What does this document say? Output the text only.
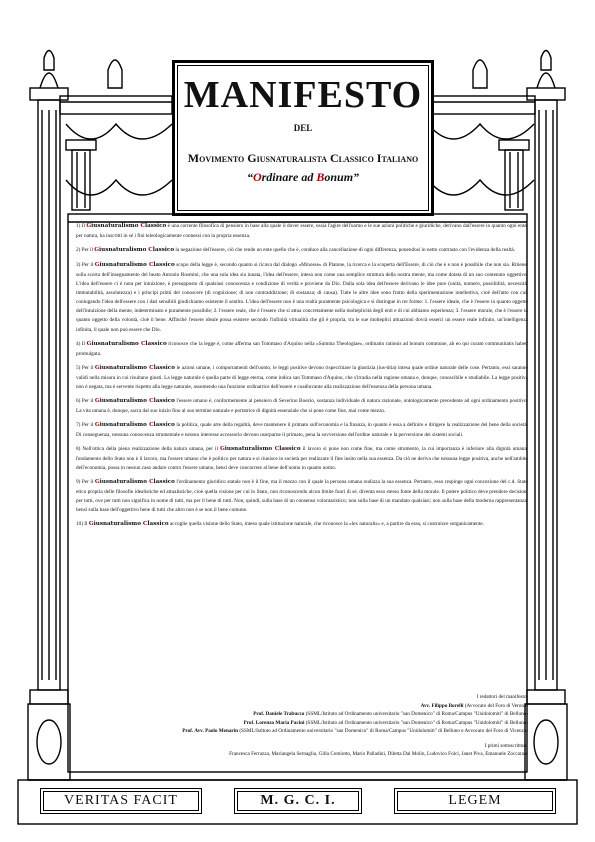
MANIFESTO
DEL
Movimento Giusnaturalista Classico Italiano
“Ordinare ad Bonum”

1) Il Giusnaturalismo Classico è una corrente filosofica di pensiero in base alla quale il dover essere, ossia l'agire dell'uomo e le sue azioni politiche e giuridiche, derivano dall'essere in quanto ogni ente, per natura, ha inscritti in sé i fini teleologicamente connessi con la propria essenza.

2) Per il Giusnaturalismo Classico la negazione dell'essere, ciò che rende un ente quello che è, conduce alla cancellazione di ogni differenza, ponendosi in netto contrasto con l'evidenza della realtà.

3) Per il Giusnaturalismo Classico scopo della legge è, secondo quanto si ricava dal dialogo «Minosse» di Platone, la ricerca e la scoperta dell'Essere, di ciò che è e non è possibile che non sia. Ritiene, sulla scorta dell'insegnamento del beato Antonio Rosmini, che una sola idea sia innata, l'idea dell'essere, intesa non come una semplice struttura della nostra mente, ma come dotata di un suo contenuto oggettivo. L'idea dell'essere ci è nota per intuizione, è presupposto di qualsiasi conoscenza e condizione di verità e proviene da Dio. Dalla sola idea dell'essere derivano le idee pure (unità, numero, possibilità, necessità, immutabilità, assolutezza) e i principi primi del conoscere (di cognizione; di non contraddizione; di sostanza; di causa). Tutte le altre idee sono frutto della sperimentazione intellettiva, cioè dell'atto con cui, coniugando l'idea dell'essere con i dati sensibili giudichiamo esistente il sentito. L'idea dell'essere non è una realtà puramente psicologica e si distingue in tre forme: 1. l'essere ideale, che è l'essere in quanto oggetto dell'intuizione della mente, indeterminato e puramente possibile; 2. l'essere reale, che è l'essere che si attua concretamente nella molteplicità degli enti e di cui abbiamo esperienza; 3. l'essere morale, che è l'essere in quanto oggetto della volontà, cioè il bene. Affinché l'essere ideale possa esistere secondo l'infinità virtualità che gli è propria, tra le sue molteplici attuazioni dovrà esserci un essere reale infinito, un'intelligenza infinita, il quale non può essere che Dio.

4) Il Giusnaturalismo Classico riconosce che la legge è, come afferma san Tommaso d'Aquino nella «Summa Theologiae», ordinatio rationis ad bonum commune, ab eo qui curam communitatis habet, promulgata.

5) Per il Giusnaturalismo Classico le azioni umane, i comportamenti dell'uomo, le leggi positive devono rispecchiare la giustizia (ius-titia) intesa quale ordine naturale delle cose. Pertanto, essi saranno validi nella misura in cui risultano giusti. La legge naturale è quella parte di legge eterna, come indica san Tommaso d'Aquino, che s'irradia nella ragione umana e, dunque, conoscibile e studiabile. La legge positiva non è negata, ma è servente rispetto alla legge naturale, assumendo una funzione ordinatrice dell'essere e coadiuvante alla realizzazione dell'essenza della persona umana.

6) Per il Giusnaturalismo Classico l'essere umano è, conformemente al pensiero di Severino Boezio, sostanza individuale di natura razionale, ontologicamente precedente ad ogni ordinamento positivo. La vita umana è, dunque, sacra dal suo inizio fino al suo termine naturale e portatrice di dignità essenziale che si pone come fine, mai come mezzo.

7) Per il Giusnaturalismo Classico la politica, quale arte della regalità, deve mantenere il primato sull'economia e la finanza, in quanto è essa a definire e dirigere la realizzazione del bene della società. Di conseguenza, nessuna conoscenza strumentale e nessun interesse accessorio devono usurparne il primato, pena la sovversione dell'ordine naturale e la perversione dei sistemi sociali.

8) Nell'ottica della piena realizzazione della natura umana, per il Giusnaturalismo Classico il lavoro si pone non come fine, ma come strumento, la cui importanza è inferiore alla dignità umana, fondamento dello Stato non è il lavoro, ma l'essere umano che è politico per natura e si riunisce in società per realizzare il fine insito nella sua essenza. Da ciò ne deriva che nessuna legge positiva, anche nell'ambito dell'economia, possa in nessun caso andare contro l'essere umano, bensì deve concorrere al bene dell'uomo in quanto uomo.

9) Per il Giusnaturalismo Classico l'ordinamento giuridico statale non è il fine, ma il mezzo con il quale la persona umana realizza la sua essenza. Pertanto, esso respinge ogni concezione del c.d. Stato etico propria delle filosofie idealistiche ed attualistiche, cioè quella visione per cui lo Stato, non riconoscendo alcun limite fuori di sé, diventa esso stesso fonte della morale. Il potere politico deve prendere decisioni per tutti, ove per tutti non significa in nome di tutti, ma per il bene di tutti. Non, quindi, sulla base di un consenso volontaristico; non sulla base di un mandato qualsiasi; non sulla base della moderna rappresentanza, bensì sulla base dell'oggettivo bene di tutti che altro non è se non il bene comune.

10) Il Giusnaturalismo Classico accoglie quella visione dello Stato, inteso quale istituzione naturale, che riconosce la «lex naturalis» e, a partire da essa, si costruisce sorganicamente.

I redattori del manifesto:
Avv. Filippo Borelli (Avvocato del Foro di Verona)
Prof. Daniele Trabucco (SSML/Istituto ad Ordinamento universitario "san Domenico" di Roma/Campus "Unidolomiti" di Belluno)
Prof. Lorenzo Maria Pacini (SSML/Istituto ad Ordinamento universitario "san Domenico" di Roma/Campus "Unidolomiti" di Belluno)
Prof. Avv. Paolo Menarin (SSML/Istituto ad Ordinamento universitario "san Domenico" di Roma/Campus "Unidolomiti" di Belluno e Avvocato del Foro di Vicenza)
I primi sottoscrittori:
Francesca Ferrazza, Mariangela Sernaglia, Gilla Comiotto, Mario Palladini, Diletta Dal Molin, Ludovico Folci, Janet Piva, Emanuele Zoccarato
VERITAS FACIT	M. G. C. I.	LEGEM
